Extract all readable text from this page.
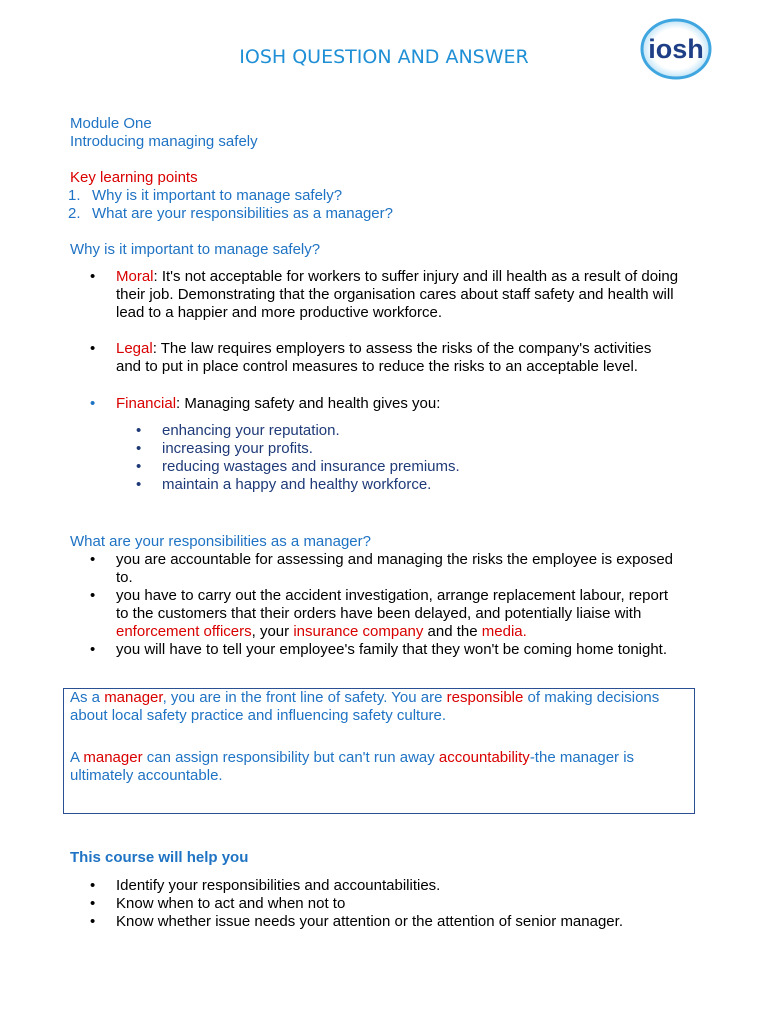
IOSH QUESTION AND ANSWER	iosh
Module One
Introducing managing safely
Key learning points
1. Why is it important to manage safely?
2. What are your responsibilities as a manager?
Why is it important to manage safely?
• Moral: It's not acceptable for workers to suffer injury and ill health as a result of doing
their job. Demonstrating that the organisation cares about staff safety and health will
lead to a happier and more productive workforce.
• Legal: The law requires employers to assess the risks of the company's activities
and to put in place control measures to reduce the risks to an acceptable level.
• Financial: Managing safety and health gives you:
• enhancing your reputation.
• increasing your profits.
• reducing wastages and insurance premiums.
• maintain a happy and healthy workforce.
What are your responsibilities as a manager?
• you are accountable for assessing and managing the risks the employee is exposed
to.
• you have to carry out the accident investigation, arrange replacement labour, report
to the customers that their orders have been delayed, and potentially liaise with
enforcement officers, your insurance company and the media.
• you will have to tell your employee's family that they won't be coming home tonight.
As a manager, you are in the front line of safety. You are responsible of making decisions
about local safety practice and influencing safety culture.
A manager can assign responsibility but can't run away accountability-the manager is
ultimately accountable.
This course will help you
• Identify your responsibilities and accountabilities.
• Know when to act and when not to
• Know whether issue needs your attention or the attention of senior manager.
